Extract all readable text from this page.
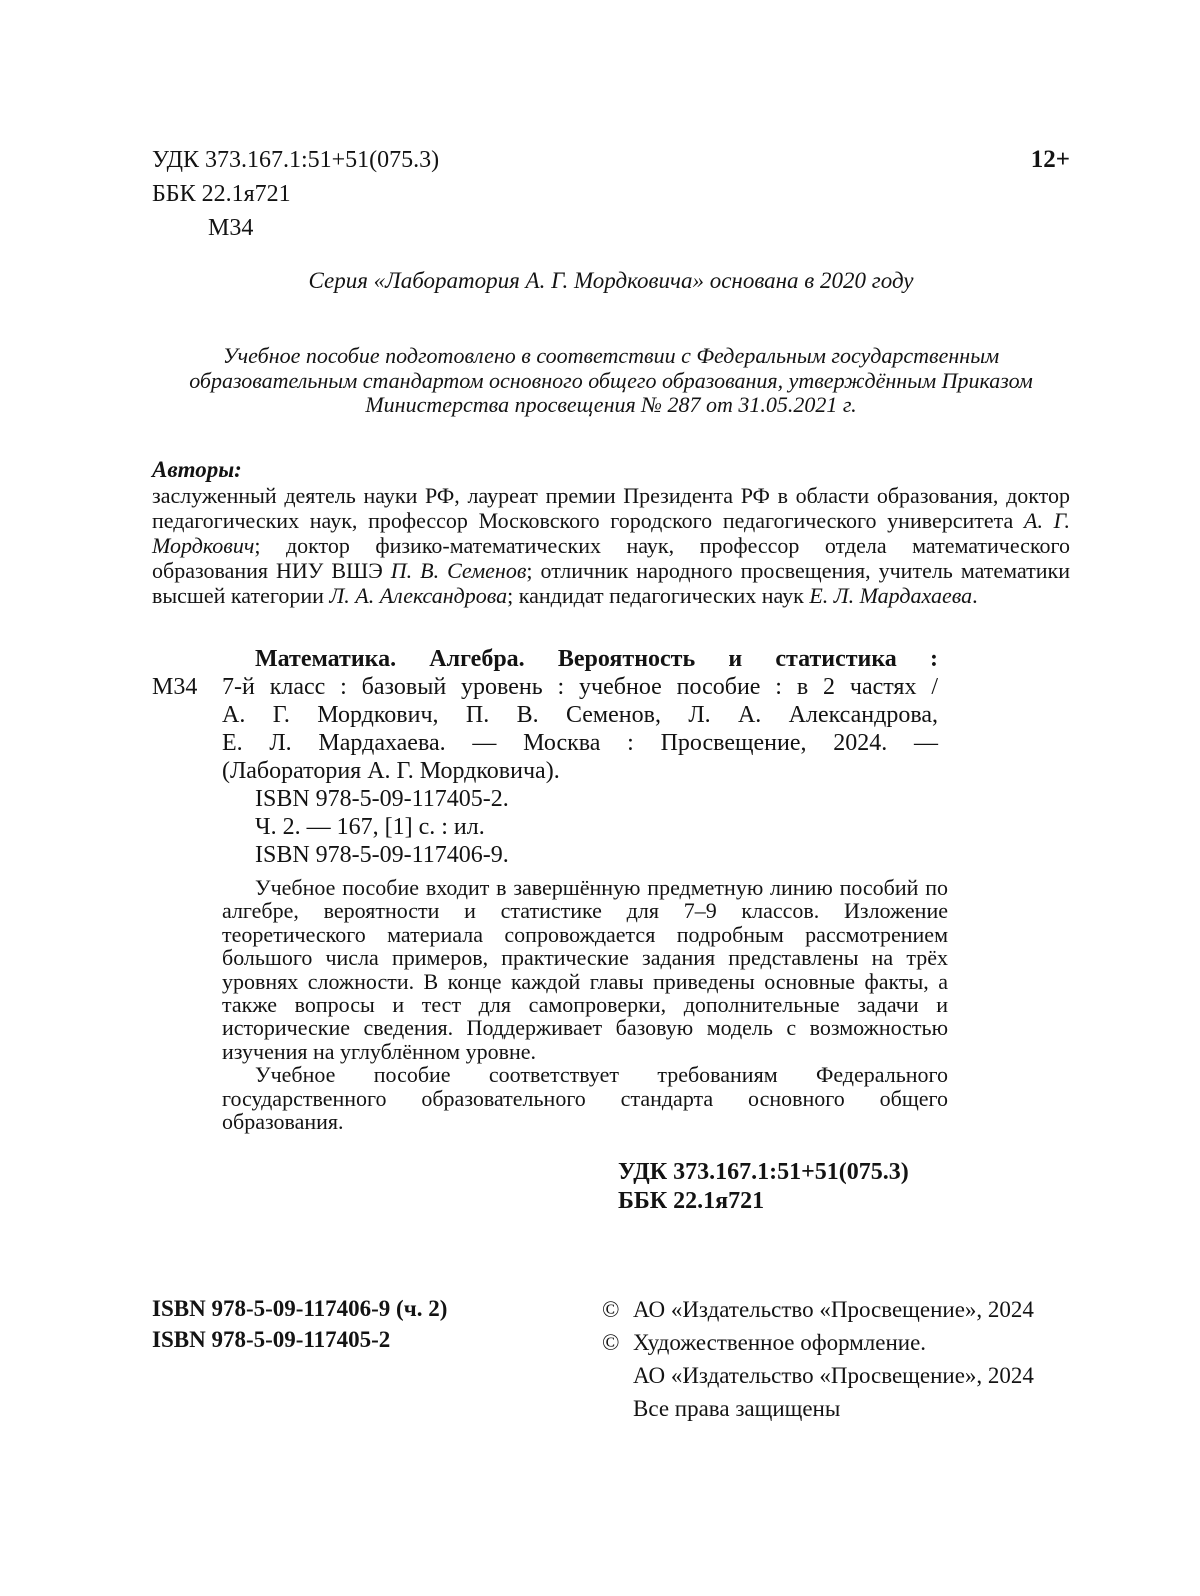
УДК 373.167.1:51+51(075.3)
ББК 22.1я721
М34
12+
Серия «Лаборатория А. Г. Мордковича» основана в 2020 году
Учебное пособие подготовлено в соответствии с Федеральным государственным образовательным стандартом основного общего образования, утверждённым Приказом Министерства просвещения № 287 от 31.05.2021 г.
Авторы:
заслуженный деятель науки РФ, лауреат премии Президента РФ в области образования, доктор педагогических наук, профессор Московского городского педагогического университета А. Г. Мордкович; доктор физико-математических наук, профессор отдела математического образования НИУ ВШЭ П. В. Семенов; отличник народного просвещения, учитель математики высшей категории Л. А. Александрова; кандидат педагогических наук Е. Л. Мардахаева.
М34
Математика. Алгебра. Вероятность и статистика :
7-й класс : базовый уровень : учебное пособие : в 2 частях /
А. Г. Мордкович, П. В. Семенов, Л. А. Александрова,
Е. Л. Мардахаева. — Москва : Просвещение, 2024. —
(Лаборатория А. Г. Мордковича).
ISBN 978-5-09-117405-2.
Ч. 2. — 167, [1] с. : ил.
ISBN 978-5-09-117406-9.
Учебное пособие входит в завершённую предметную линию пособий по алгебре, вероятности и статистике для 7–9 классов. Изложение теоретического материала сопровождается подробным рассмотрением большого числа примеров, практические задания представлены на трёх уровнях сложности. В конце каждой главы приведены основные факты, а также вопросы и тест для самопроверки, дополнительные задачи и исторические сведения. Поддерживает базовую модель с возможностью изучения на углублённом уровне.
Учебное пособие соответствует требованиям Федерального государственного образовательного стандарта основного общего образования.
УДК 373.167.1:51+51(075.3)
ББК 22.1я721
ISBN 978-5-09-117406-9 (ч. 2)
ISBN 978-5-09-117405-2
© АО «Издательство «Просвещение», 2024
© Художественное оформление.
АО «Издательство «Просвещение», 2024
Все права защищены
